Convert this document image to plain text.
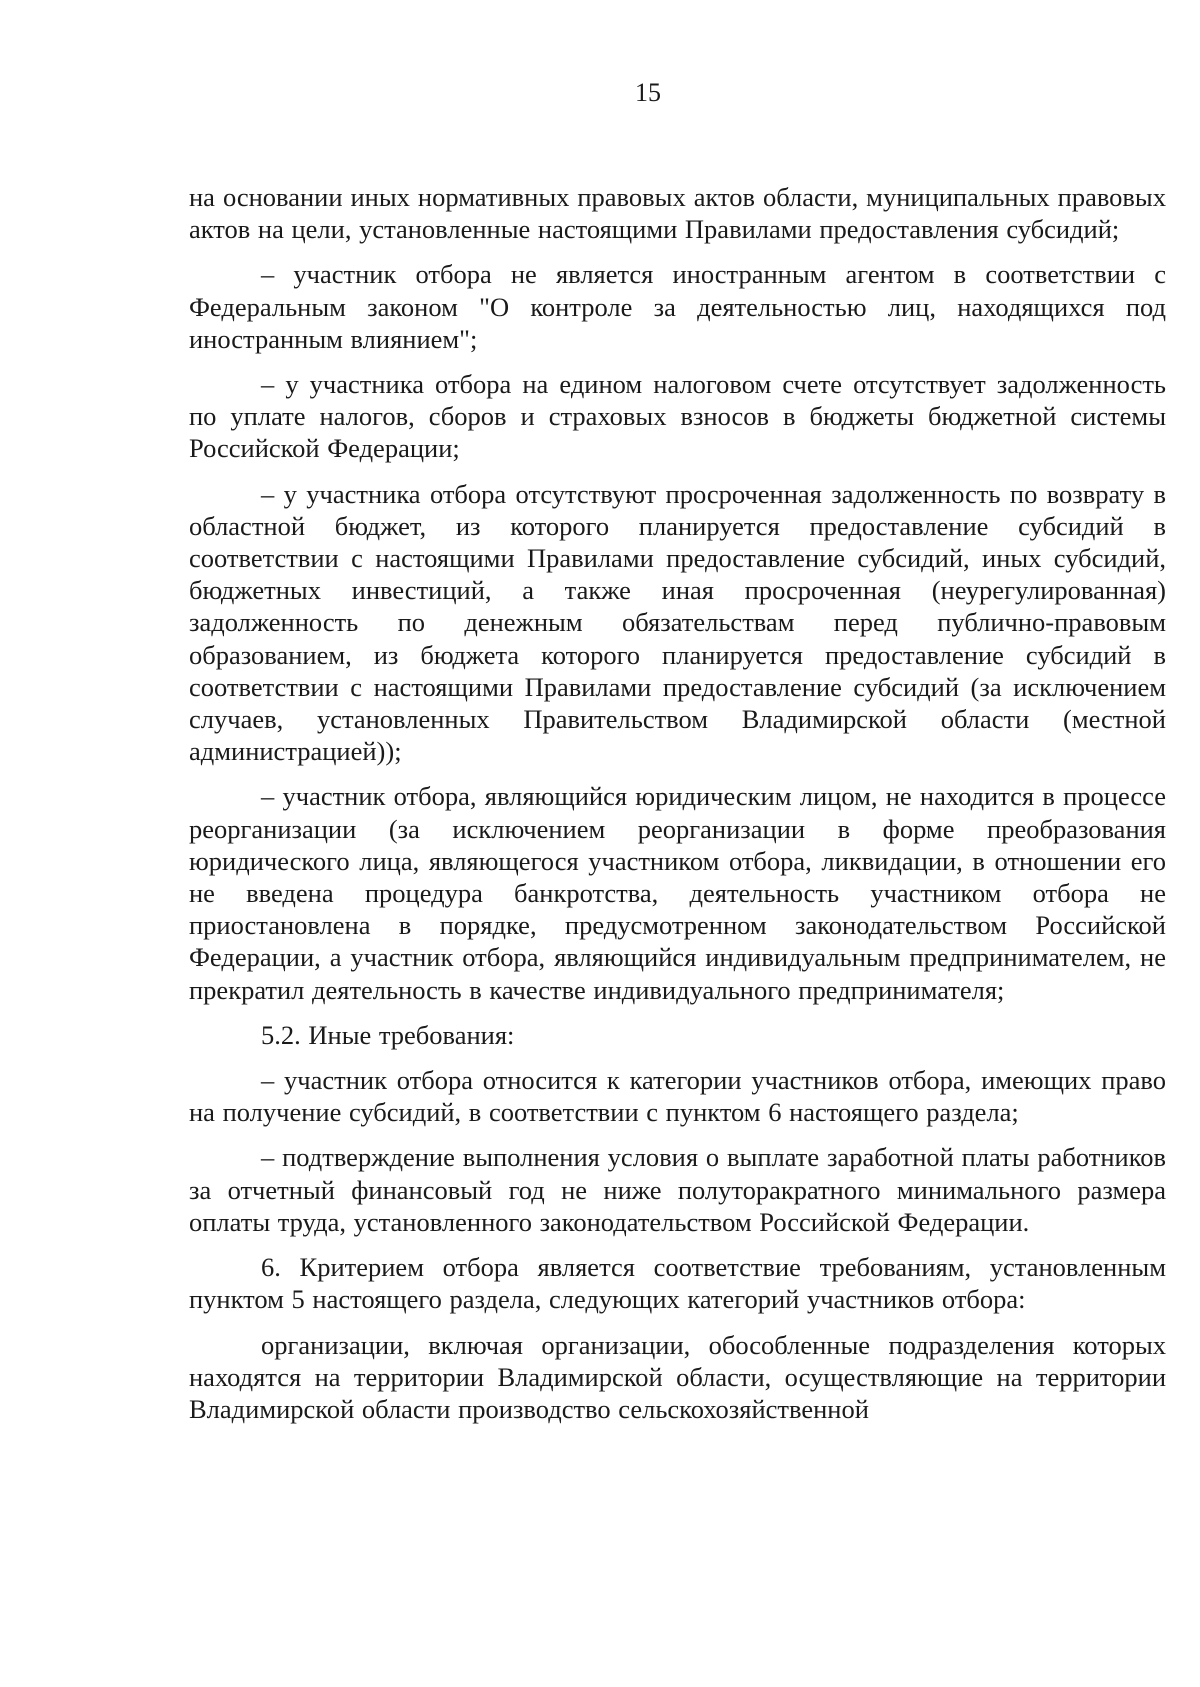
15

на основании иных нормативных правовых актов области, муниципальных правовых актов на цели, установленные настоящими Правилами предоставления субсидий;

– участник отбора не является иностранным агентом в соответствии с Федеральным законом "О контроле за деятельностью лиц, находящихся под иностранным влиянием";

– у участника отбора на едином налоговом счете отсутствует задолженность по уплате налогов, сборов и страховых взносов в бюджеты бюджетной системы Российской Федерации;

– у участника отбора отсутствуют просроченная задолженность по возврату в областной бюджет, из которого планируется предоставление субсидий в соответствии с настоящими Правилами предоставление субсидий, иных субсидий, бюджетных инвестиций, а также иная просроченная (неурегулированная) задолженность по денежным обязательствам перед публично-правовым образованием, из бюджета которого планируется предоставление субсидий в соответствии с настоящими Правилами предоставление субсидий (за исключением случаев, установленных Правительством Владимирской области (местной администрацией));

– участник отбора, являющийся юридическим лицом, не находится в процессе реорганизации (за исключением реорганизации в форме преобразования юридического лица, являющегося участником отбора, ликвидации, в отношении его не введена процедура банкротства, деятельность участником отбора не приостановлена в порядке, предусмотренном законодательством Российской Федерации, а участник отбора, являющийся индивидуальным предпринимателем, не прекратил деятельность в качестве индивидуального предпринимателя;

5.2. Иные требования:

– участник отбора относится к категории участников отбора, имеющих право на получение субсидий, в соответствии с пунктом 6 настоящего раздела;

– подтверждение выполнения условия о выплате заработной платы работников за отчетный финансовый год не ниже полуторакратного минимального размера оплаты труда, установленного законодательством Российской Федерации.

6. Критерием отбора является соответствие требованиям, установленным пунктом 5 настоящего раздела, следующих категорий участников отбора:

организации, включая организации, обособленные подразделения которых находятся на территории Владимирской области, осуществляющие на территории Владимирской области производство сельскохозяйственной
